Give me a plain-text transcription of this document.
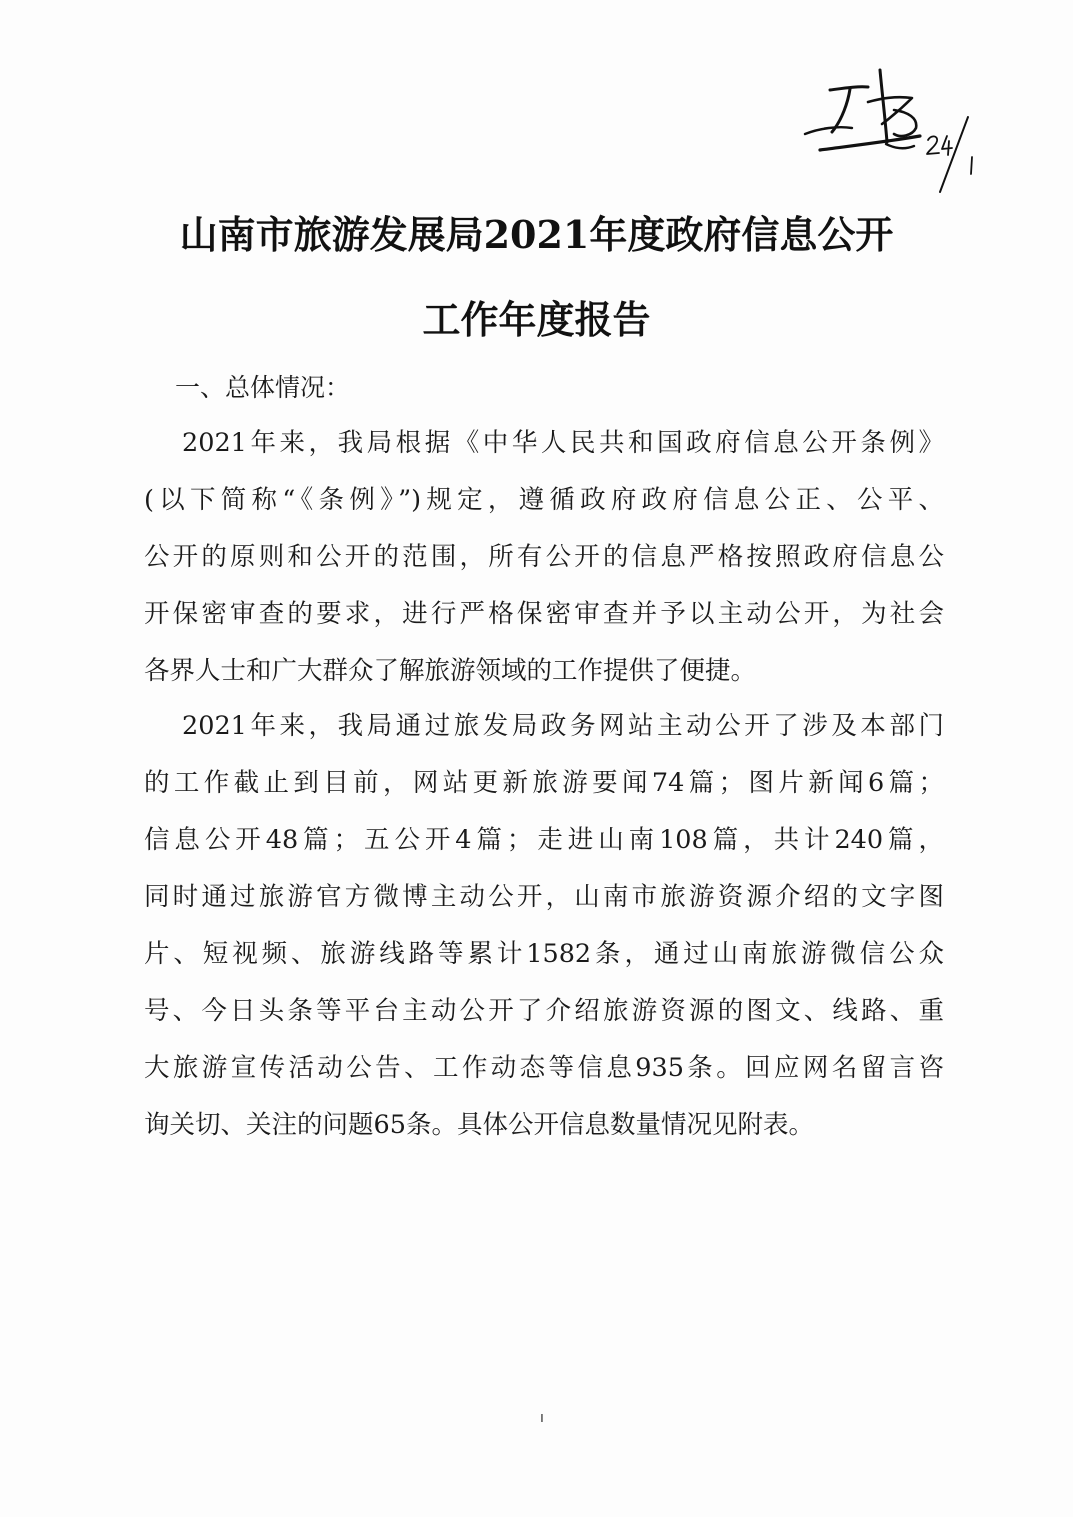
山南市旅游发展局2021年度政府信息公开
工作年度报告
一、总体情况：
2021年来，我局根据《中华人民共和国政府信息公开条例》
(以下简称“《条例》”)规定，遵循政府政府信息公正、公平、
公开的原则和公开的范围，所有公开的信息严格按照政府信息公
开保密审查的要求，进行严格保密审查并予以主动公开，为社会
各界人士和广大群众了解旅游领域的工作提供了便捷。
2021年来，我局通过旅发局政务网站主动公开了涉及本部门
的工作截止到目前，网站更新旅游要闻74篇；图片新闻6篇；
信息公开48篇；五公开4篇；走进山南108篇，共计240篇，
同时通过旅游官方微博主动公开，山南市旅游资源介绍的文字图
片、短视频、旅游线路等累计1582条，通过山南旅游微信公众
号、今日头条等平台主动公开了介绍旅游资源的图文、线路、重
大旅游宣传活动公告、工作动态等信息935条。回应网名留言咨
询关切、关注的问题65条。具体公开信息数量情况见附表。
ı
